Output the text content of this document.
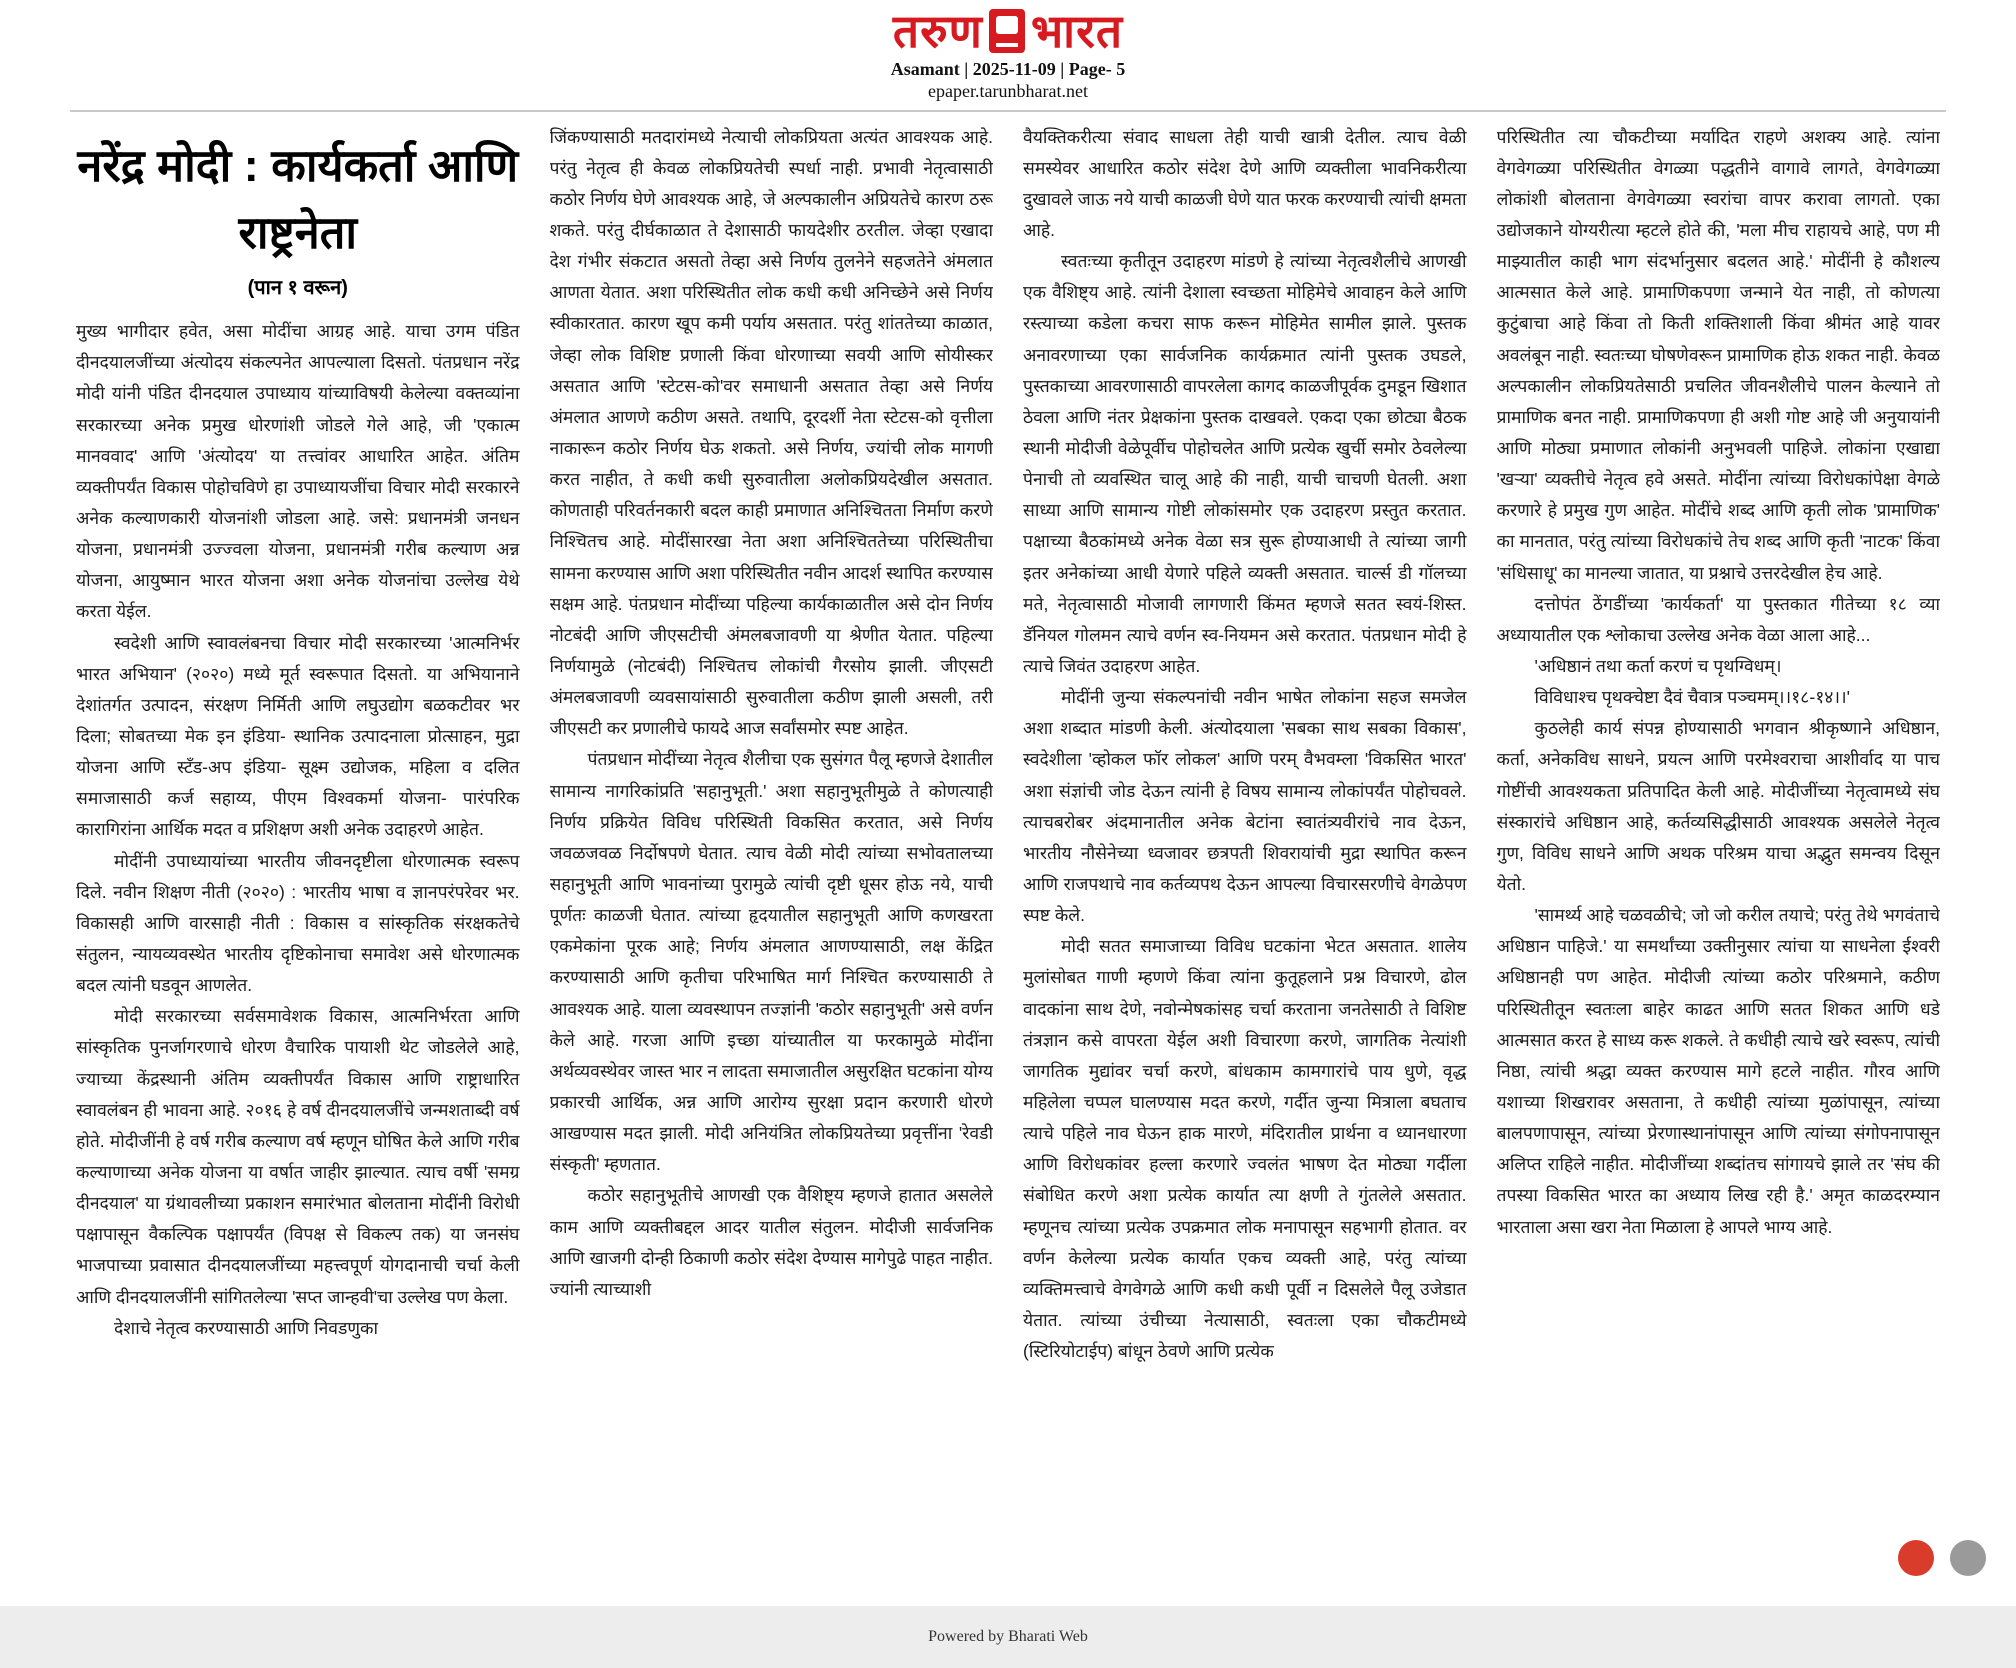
तरुण भारत
Asamant | 2025-11-09 | Page- 5
epaper.tarunbharat.net
नरेंद्र मोदी : कार्यकर्ता आणि राष्ट्रनेता
(पान १ वरून)

मुख्य भागीदार हवेत, असा मोदींचा आग्रह आहे. याचा उगम पंडित दीनदयालजींच्या अंत्योदय संकल्पनेत आपल्याला दिसतो. पंतप्रधान नरेंद्र मोदी यांनी पंडित दीनदयाल उपाध्याय यांच्याविषयी केलेल्या वक्तव्यांना सरकारच्या अनेक प्रमुख धोरणांशी जोडले गेले आहे, जी 'एकात्म मानववाद' आणि 'अंत्योदय' या तत्त्वांवर आधारित आहेत. अंतिम व्यक्तीपर्यंत विकास पोहोचविणे हा उपाध्यायजींचा विचार मोदी सरकारने अनेक कल्याणकारी योजनांशी जोडला आहे. जसे: प्रधानमंत्री जनधन योजना, प्रधानमंत्री उज्ज्वला योजना, प्रधानमंत्री गरीब कल्याण अन्न योजना, आयुष्मान भारत योजना अशा अनेक योजनांचा उल्लेख येथे करता येईल.

स्वदेशी आणि स्वावलंबनचा विचार मोदी सरकारच्या 'आत्मनिर्भर भारत अभियान' (२०२०) मध्ये मूर्त स्वरूपात दिसतो. या अभियानाने देशांतर्गत उत्पादन, संरक्षण निर्मिती आणि लघुउद्योग बळकटीवर भर दिला; सोबतच्या मेक इन इंडिया- स्थानिक उत्पादनाला प्रोत्साहन, मुद्रा योजना आणि स्टँड-अप इंडिया- सूक्ष्म उद्योजक, महिला व दलित समाजासाठी कर्ज सहाय्य, पीएम विश्वकर्मा योजना- पारंपरिक कारागिरांना आर्थिक मदत व प्रशिक्षण अशी अनेक उदाहरणे आहेत.

मोदींनी उपाध्यायांच्या भारतीय जीवनदृष्टीला धोरणात्मक स्वरूप दिले. नवीन शिक्षण नीती (२०२०) : भारतीय भाषा व ज्ञानपरंपरेवर भर. विकासही आणि वारसाही नीती : विकास व सांस्कृतिक संरक्षकतेचे संतुलन, न्यायव्यवस्थेत भारतीय दृष्टिकोनाचा समावेश असे धोरणात्मक बदल त्यांनी घडवून आणलेत.

मोदी सरकारच्या सर्वसमावेशक विकास, आत्मनिर्भरता आणि सांस्कृतिक पुनर्जागरणाचे धोरण वैचारिक पायाशी थेट जोडलेले आहे, ज्याच्या केंद्रस्थानी अंतिम व्यक्तीपर्यंत विकास आणि राष्ट्राधारित स्वावलंबन ही भावना आहे. २०१६ हे वर्ष दीनदयालजींचे जन्मशताब्दी वर्ष होते. मोदीजींनी हे वर्ष गरीब कल्याण वर्ष म्हणून घोषित केले आणि गरीब कल्याणाच्या अनेक योजना या वर्षात जाहीर झाल्यात. त्याच वर्षी 'समग्र दीनदयाल' या ग्रंथावलीच्या प्रकाशन समारंभात बोलताना मोदींनी विरोधी पक्षापासून वैकल्पिक पक्षापर्यंत (विपक्ष से विकल्प तक) या जनसंघ भाजपाच्या प्रवासात दीनदयालजींच्या महत्त्वपूर्ण योगदानाची चर्चा केली आणि दीनदयालजींनी सांगितलेल्या 'सप्त जान्हवी'चा उल्लेख पण केला.

देशाचे नेतृत्व करण्यासाठी आणि निवडणुका

जिंकण्यासाठी मतदारांमध्ये नेत्याची लोकप्रियता अत्यंत आवश्यक आहे. परंतु नेतृत्व ही केवळ लोकप्रियतेची स्पर्धा नाही. प्रभावी नेतृत्वासाठी कठोर निर्णय घेणे आवश्यक आहे, जे अल्पकालीन अप्रियतेचे कारण ठरू शकते. परंतु दीर्घकाळात ते देशासाठी फायदेशीर ठरतील. जेव्हा एखादा देश गंभीर संकटात असतो तेव्हा असे निर्णय तुलनेने सहजतेने अंमलात आणता येतात. अशा परिस्थितीत लोक कधी कधी अनिच्छेने असे निर्णय स्वीकारतात. कारण खूप कमी पर्याय असतात. परंतु शांततेच्या काळात, जेव्हा लोक विशिष्ट प्रणाली किंवा धोरणाच्या सवयी आणि सोयीस्कर असतात आणि 'स्टेटस-को'वर समाधानी असतात तेव्हा असे निर्णय अंमलात आणणे कठीण असते. तथापि, दूरदर्शी नेता स्टेटस-को वृत्तीला नाकारून कठोर निर्णय घेऊ शकतो. असे निर्णय, ज्यांची लोक मागणी करत नाहीत, ते कधी कधी सुरुवातीला अलोकप्रियदेखील असतात. कोणताही परिवर्तनकारी बदल काही प्रमाणात अनिश्चितता निर्माण करणे निश्चितच आहे. मोदींसारखा नेता अशा अनिश्चिततेच्या परिस्थितीचा सामना करण्यास आणि अशा परिस्थितीत नवीन आदर्श स्थापित करण्यास सक्षम आहे. पंतप्रधान मोदींच्या पहिल्या कार्यकाळातील असे दोन निर्णय नोटबंदी आणि जीएसटीची अंमलबजावणी या श्रेणीत येतात. पहिल्या निर्णयामुळे (नोटबंदी) निश्चितच लोकांची गैरसोय झाली. जीएसटी अंमलबजावणी व्यवसायांसाठी सुरुवातीला कठीण झाली असली, तरी जीएसटी कर प्रणालीचे फायदे आज सर्वांसमोर स्पष्ट आहेत.

पंतप्रधान मोदींच्या नेतृत्व शैलीचा एक सुसंगत पैलू म्हणजे देशातील सामान्य नागरिकांप्रति 'सहानुभूती.' अशा सहानुभूतीमुळे ते कोणत्याही निर्णय प्रक्रियेत विविध परिस्थिती विकसित करतात, असे निर्णय जवळजवळ निर्दोषपणे घेतात. त्याच वेळी मोदी त्यांच्या सभोवतालच्या सहानुभूती आणि भावनांच्या पुरामुळे त्यांची दृष्टी धूसर होऊ नये, याची पूर्णतः काळजी घेतात. त्यांच्या हृदयातील सहानुभूती आणि कणखरता एकमेकांना पूरक आहे; निर्णय अंमलात आणण्यासाठी, लक्ष केंद्रित करण्यासाठी आणि कृतीचा परिभाषित मार्ग निश्चित करण्यासाठी ते आवश्यक आहे. याला व्यवस्थापन तज्ज्ञांनी 'कठोर सहानुभूती' असे वर्णन केले आहे. गरजा आणि इच्छा यांच्यातील या फरकामुळे मोदींना अर्थव्यवस्थेवर जास्त भार न लादता समाजातील असुरक्षित घटकांना योग्य प्रकारची आर्थिक, अन्न आणि आरोग्य सुरक्षा प्रदान करणारी धोरणे आखण्यास मदत झाली. मोदी अनियंत्रित लोकप्रियतेच्या प्रवृत्तींना 'रेवडी संस्कृती' म्हणतात.

कठोर सहानुभूतीचे आणखी एक वैशिष्ट्य म्हणजे हातात असलेले काम आणि व्यक्तीबद्दल आदर यातील संतुलन. मोदीजी सार्वजनिक आणि खाजगी दोन्ही ठिकाणी कठोर संदेश देण्यास मागेपुढे पाहत नाहीत. ज्यांनी त्याच्याशी

वैयक्तिकरीत्या संवाद साधला तेही याची खात्री देतील. त्याच वेळी समस्येवर आधारित कठोर संदेश देणे आणि व्यक्तीला भावनिकरीत्या दुखावले जाऊ नये याची काळजी घेणे यात फरक करण्याची त्यांची क्षमता आहे.

स्वतःच्या कृतीतून उदाहरण मांडणे हे त्यांच्या नेतृत्वशैलीचे आणखी एक वैशिष्ट्य आहे. त्यांनी देशाला स्वच्छता मोहिमेचे आवाहन केले आणि रस्त्याच्या कडेला कचरा साफ करून मोहिमेत सामील झाले. पुस्तक अनावरणाच्या एका सार्वजनिक कार्यक्रमात त्यांनी पुस्तक उघडले, पुस्तकाच्या आवरणासाठी वापरलेला कागद काळजीपूर्वक दुमडून खिशात ठेवला आणि नंतर प्रेक्षकांना पुस्तक दाखवले. एकदा एका छोट्या बैठक स्थानी मोदीजी वेळेपूर्वीच पोहोचलेत आणि प्रत्येक खुर्ची समोर ठेवलेल्या पेनाची तो व्यवस्थित चालू आहे की नाही, याची चाचणी घेतली. अशा साध्या आणि सामान्य गोष्टी लोकांसमोर एक उदाहरण प्रस्तुत करतात. पक्षाच्या बैठकांमध्ये अनेक वेळा सत्र सुरू होण्याआधी ते त्यांच्या जागी इतर अनेकांच्या आधी येणारे पहिले व्यक्ती असतात. चार्ल्स डी गॉलच्या मते, नेतृत्वासाठी मोजावी लागणारी किंमत म्हणजे सतत स्वयं-शिस्त. डॅनियल गोलमन त्याचे वर्णन स्व-नियमन असे करतात. पंतप्रधान मोदी हे त्याचे जिवंत उदाहरण आहेत.

मोदींनी जुन्या संकल्पनांची नवीन भाषेत लोकांना सहज समजेल अशा शब्दात मांडणी केली. अंत्योदयाला 'सबका साथ सबका विकास', स्वदेशीला 'व्होकल फॉर लोकल' आणि परम् वैभवम्ला 'विकसित भारत' अशा संज्ञांची जोड देऊन त्यांनी हे विषय सामान्य लोकांपर्यंत पोहोचवले. त्याचबरोबर अंदमानातील अनेक बेटांना स्वातंत्र्यवीरांचे नाव देऊन, भारतीय नौसेनेच्या ध्वजावर छत्रपती शिवरायांची मुद्रा स्थापित करून आणि राजपथाचे नाव कर्तव्यपथ देऊन आपल्या विचारसरणीचे वेगळेपण स्पष्ट केले.

मोदी सतत समाजाच्या विविध घटकांना भेटत असतात. शालेय मुलांसोबत गाणी म्हणणे किंवा त्यांना कुतूहलाने प्रश्न विचारणे, ढोल वादकांना साथ देणे, नवोन्मेषकांसह चर्चा करताना जनतेसाठी ते विशिष्ट तंत्रज्ञान कसे वापरता येईल अशी विचारणा करणे, जागतिक नेत्यांशी जागतिक मुद्यांवर चर्चा करणे, बांधकाम कामगारांचे पाय धुणे, वृद्ध महिलेला चप्पल घालण्यास मदत करणे, गर्दीत जुन्या मित्राला बघताच त्याचे पहिले नाव घेऊन हाक मारणे, मंदिरातील प्रार्थना व ध्यानधारणा आणि विरोधकांवर हल्ला करणारे ज्वलंत भाषण देत मोठ्या गर्दीला संबोधित करणे अशा प्रत्येक कार्यात त्या क्षणी ते गुंतलेले असतात. म्हणूनच त्यांच्या प्रत्येक उपक्रमात लोक मनापासून सहभागी होतात. वर वर्णन केलेल्या प्रत्येक कार्यात एकच व्यक्ती आहे, परंतु त्यांच्या व्यक्तिमत्त्वाचे वेगवेगळे आणि कधी कधी पूर्वी न दिसलेले पैलू उजेडात येतात. त्यांच्या उंचीच्या नेत्यासाठी, स्वतःला एका चौकटीमध्ये (स्टिरियोटाईप) बांधून ठेवणे आणि प्रत्येक

परिस्थितीत त्या चौकटीच्या मर्यादित राहणे अशक्य आहे. त्यांना वेगवेगळ्या परिस्थितीत वेगळ्या पद्धतीने वागावे लागते, वेगवेगळ्या लोकांशी बोलताना वेगवेगळ्या स्वरांचा वापर करावा लागतो. एका उद्योजकाने योग्यरीत्या म्हटले होते की, 'मला मीच राहायचे आहे, पण मी माझ्यातील काही भाग संदर्भानुसार बदलत आहे.' मोदींनी हे कौशल्य आत्मसात केले आहे. प्रामाणिकपणा जन्माने येत नाही, तो कोणत्या कुटुंबाचा आहे किंवा तो किती शक्तिशाली किंवा श्रीमंत आहे यावर अवलंबून नाही. स्वतःच्या घोषणेवरून प्रामाणिक होऊ शकत नाही. केवळ अल्पकालीन लोकप्रियतेसाठी प्रचलित जीवनशैलीचे पालन केल्याने तो प्रामाणिक बनत नाही. प्रामाणिकपणा ही अशी गोष्ट आहे जी अनुयायांनी आणि मोठ्या प्रमाणात लोकांनी अनुभवली पाहिजे. लोकांना एखाद्या 'खऱ्या' व्यक्तीचे नेतृत्व हवे असते. मोदींना त्यांच्या विरोधकांपेक्षा वेगळे करणारे हे प्रमुख गुण आहेत. मोदींचे शब्द आणि कृती लोक 'प्रामाणिक' का मानतात, परंतु त्यांच्या विरोधकांचे तेच शब्द आणि कृती 'नाटक' किंवा 'संधिसाधू' का मानल्या जातात, या प्रश्नाचे उत्तरदेखील हेच आहे.

दत्तोपंत ठेंगडींच्या 'कार्यकर्ता' या पुस्तकात गीतेच्या १८ व्या अध्यायातील एक श्लोकाचा उल्लेख अनेक वेळा आला आहे...

'अधिष्ठानं तथा कर्ता करणं च पृथग्विधम्।

विविधाश्च पृथक्चेष्टा दैवं चैवात्र पञ्चमम्।।१८-१४।।'

कुठलेही कार्य संपन्न होण्यासाठी भगवान श्रीकृष्णाने अधिष्ठान, कर्ता, अनेकविध साधने, प्रयत्न आणि परमेश्वराचा आशीर्वाद या पाच गोष्टींची आवश्यकता प्रतिपादित केली आहे. मोदीजींच्या नेतृत्वामध्ये संघ संस्कारांचे अधिष्ठान आहे, कर्तव्यसिद्धीसाठी आवश्यक असलेले नेतृत्व गुण, विविध साधने आणि अथक परिश्रम याचा अद्भुत समन्वय दिसून येतो.

'सामर्थ्य आहे चळवळीचे; जो जो करील तयाचे; परंतु तेथे भगवंताचे अधिष्ठान पाहिजे.' या समर्थांच्या उक्तीनुसार त्यांचा या साधनेला ईश्वरी अधिष्ठानही पण आहेत. मोदीजी त्यांच्या कठोर परिश्रमाने, कठीण परिस्थितीतून स्वतःला बाहेर काढत आणि सतत शिकत आणि धडे आत्मसात करत हे साध्य करू शकले. ते कधीही त्याचे खरे स्वरूप, त्यांची निष्ठा, त्यांची श्रद्धा व्यक्त करण्यास मागे हटले नाहीत. गौरव आणि यशाच्या शिखरावर असताना, ते कधीही त्यांच्या मुळांपासून, त्यांच्या बालपणापासून, त्यांच्या प्रेरणास्थानांपासून आणि त्यांच्या संगोपनापासून अलिप्त राहिले नाहीत. मोदीजींच्या शब्दांतच सांगायचे झाले तर 'संघ की तपस्या विकसित भारत का अध्याय लिख रही है.' अमृत काळदरम्यान भारताला असा खरा नेता मिळाला हे आपले भाग्य आहे.

Powered by Bharati Web
